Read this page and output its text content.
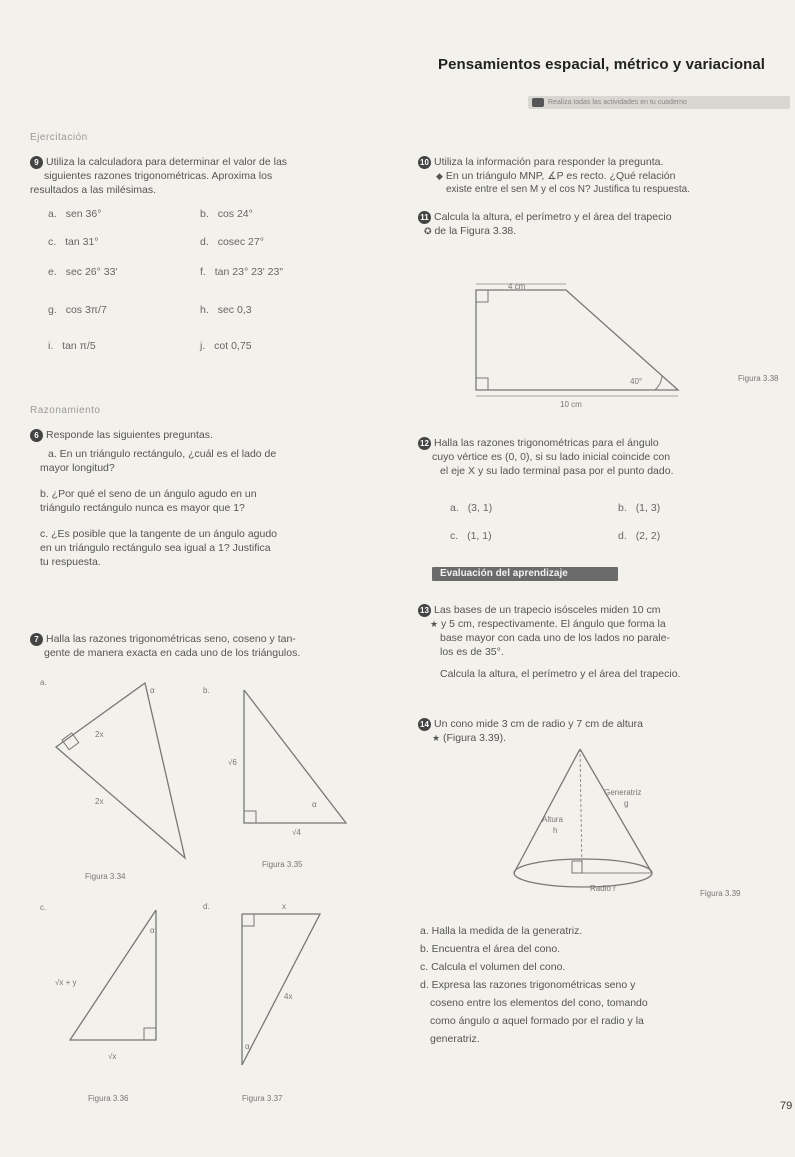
Pensamientos espacial, métrico y variacional
Realiza todas las actividades en tu cuaderno
Ejercitación
9 Utiliza la calculadora para determinar el valor de las
siguientes razones trigonométricas. Aproxima los
resultados a las milésimas.
a. sen 36°	b. cos 24°
c. tan 31°	d. cosec 27°
e. sec 26° 33'	f. tan 23° 23' 23"
g. cos 3π/7	h. sec 0,3
i. tan π/5	j. cot 0,75
Razonamiento
6 Responde las siguientes preguntas.
a. En un triángulo rectángulo, ¿cuál es el lado de
mayor longitud?
b. ¿Por qué el seno de un ángulo agudo en un
triángulo rectángulo nunca es mayor que 1?
c. ¿Es posible que la tangente de un ángulo agudo
en un triángulo rectángulo sea igual a 1? Justifica
tu respuesta.
7 Halla las razones trigonométricas seno, coseno y tan-
gente de manera exacta en cada uno de los triángulos.
a.
2x
2x
α
Figura 3.34
b.
√6
√4
α
Figura 3.35
c.
√x + y
√x
α
Figura 3.36
d.	x
4x
α
Figura 3.37
10 Utiliza la información para responder la pregunta.
◆ En un triángulo MNP, ∡P es recto. ¿Qué relación
existe entre el sen M y el cos N? Justifica tu respuesta.
11 Calcula la altura, el perímetro y el área del trapecio
✪ de la Figura 3.38.
4 cm
40°
10 cm
Figura 3.38
12 Halla las razones trigonométricas para el ángulo
cuyo vértice es (0, 0), si su lado inicial coincide con
el eje X y su lado terminal pasa por el punto dado.
a. (3, 1)	b. (1, 3)
c. (1, 1)	d. (2, 2)
Evaluación del aprendizaje
13 Las bases de un trapecio isósceles miden 10 cm
★ y 5 cm, respectivamente. El ángulo que forma la
base mayor con cada uno de los lados no parale-
los es de 35°.
Calcula la altura, el perímetro y el área del trapecio.
14 Un cono mide 3 cm de radio y 7 cm de altura
★ (Figura 3.39).
Generatriz
g
Altura
h
Radio r
Figura 3.39
a. Halla la medida de la generatriz.
b. Encuentra el área del cono.
c. Calcula el volumen del cono.
d. Expresa las razones trigonométricas seno y
coseno entre los elementos del cono, tomando
como ángulo α aquel formado por el radio y la
generatriz.
79
